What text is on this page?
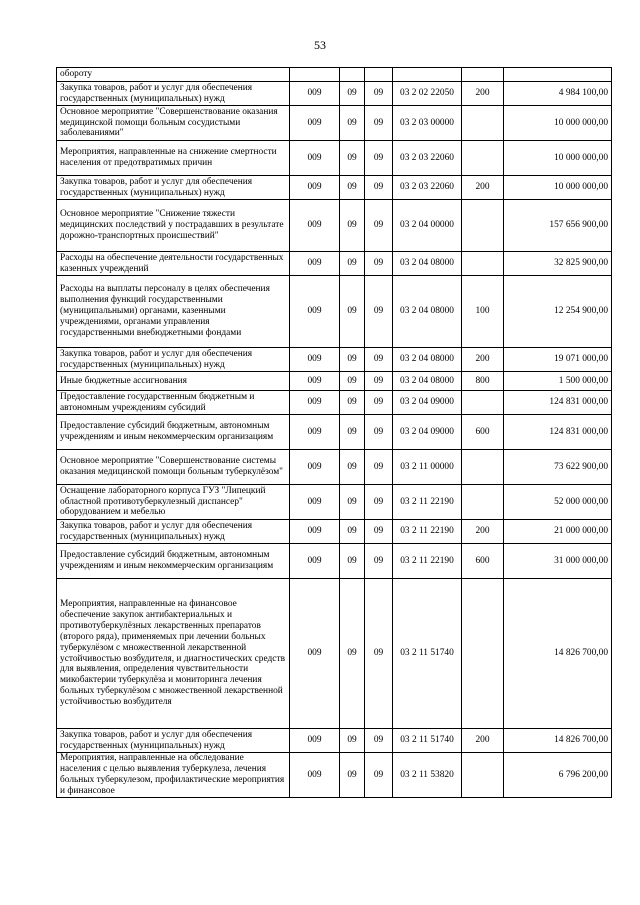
53
обороту						
Закупка товаров, работ и услуг для обеспечения государственных (муниципальных) нужд	009	09	09	03 2 02 22050	200	4 984 100,00
Основное мероприятие "Совершенствование оказания медицинской помощи больным сосудистыми заболеваниями"	009	09	09	03 2 03 00000		10 000 000,00
Мероприятия, направленные на снижение смертности населения от предотвратимых причин	009	09	09	03 2 03 22060		10 000 000,00
Закупка товаров, работ и услуг для обеспечения государственных (муниципальных) нужд	009	09	09	03 2 03 22060	200	10 000 000,00
Основное мероприятие "Снижение тяжести медицинских последствий у пострадавших в результате дорожно-транспортных происшествий"	009	09	09	03 2 04 00000		157 656 900,00
Расходы на обеспечение деятельности государственных казенных учреждений	009	09	09	03 2 04 08000		32 825 900,00
Расходы на выплаты персоналу в целях обеспечения выполнения функций государственными (муниципальными) органами, казенными учреждениями, органами управления государственными внебюджетными фондами	009	09	09	03 2 04 08000	100	12 254 900,00
Закупка товаров, работ и услуг для обеспечения государственных (муниципальных) нужд	009	09	09	03 2 04 08000	200	19 071 000,00
Иные бюджетные ассигнования	009	09	09	03 2 04 08000	800	1 500 000,00
Предоставление государственным бюджетным и автономным учреждениям субсидий	009	09	09	03 2 04 09000		124 831 000,00
Предоставление субсидий бюджетным, автономным учреждениям и иным некоммерческим организациям	009	09	09	03 2 04 09000	600	124 831 000,00
Основное мероприятие "Совершенствование системы оказания медицинской помощи больным туберкулёзом"	009	09	09	03 2 11 00000		73 622 900,00
Оснащение лабораторного корпуса ГУЗ "Липецкий областной противотуберкулезный диспансер" оборудованием и мебелью	009	09	09	03 2 11 22190		52 000 000,00
Закупка товаров, работ и услуг для обеспечения государственных (муниципальных) нужд	009	09	09	03 2 11 22190	200	21 000 000,00
Предоставление субсидий бюджетным, автономным учреждениям и иным некоммерческим организациям	009	09	09	03 2 11 22190	600	31 000 000,00
Мероприятия, направленные на финансовое обеспечение закупок антибактериальных и противотуберкулёзных лекарственных препаратов (второго ряда), применяемых при лечении больных туберкулёзом с множественной лекарственной устойчивостью возбудителя, и диагностических средств для выявления, определения чувствительности микобактерии туберкулёза и мониторинга лечения больных туберкулёзом с множественной лекарственной устойчивостью возбудителя	009	09	09	03 2 11 51740		14 826 700,00
Закупка товаров, работ и услуг для обеспечения государственных (муниципальных) нужд	009	09	09	03 2 11 51740	200	14 826 700,00
Мероприятия, направленные на обследование населения с целью выявления туберкулеза, лечения больных туберкулезом, профилактические мероприятия и финансовое	009	09	09	03 2 11 53820		6 796 200,00
